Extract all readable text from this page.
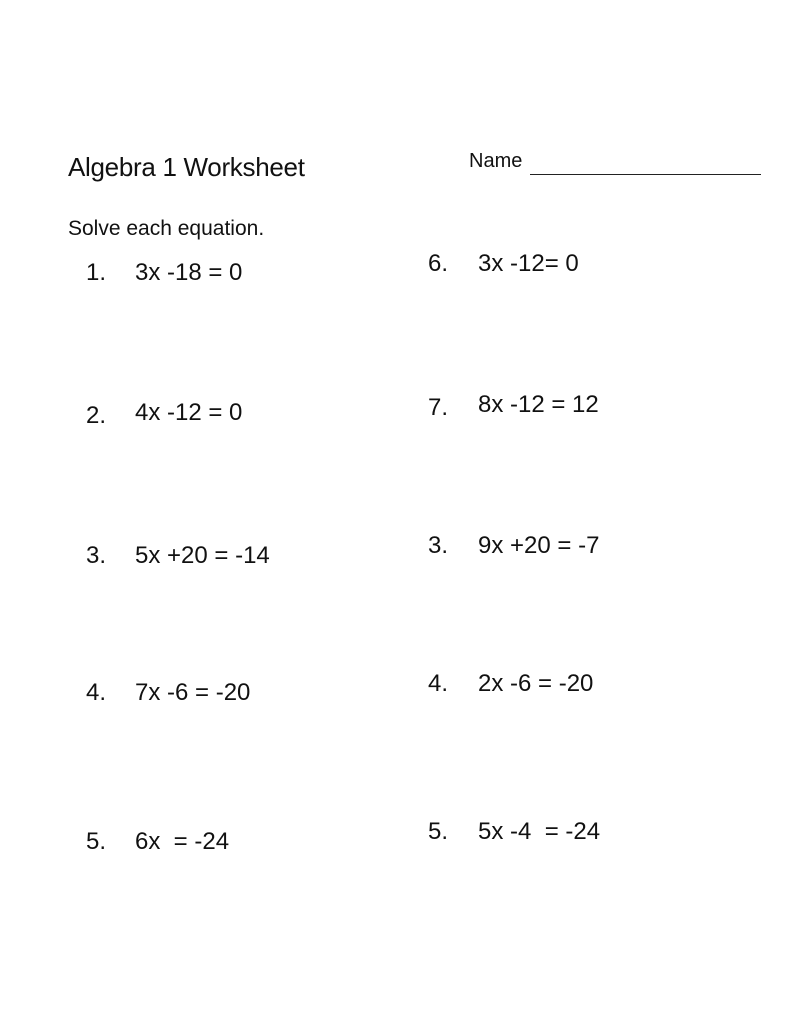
Algebra 1 Worksheet	Name
Solve each equation.
1. 3x -18 = 0
2. 4x -12 = 0
3. 5x +20 = -14
4. 7x -6 = -20
5. 6x  = -24
6. 3x -12= 0
7. 8x -12 = 12
3. 9x +20 = -7
4. 2x -6 = -20
5. 5x -4  = -24
